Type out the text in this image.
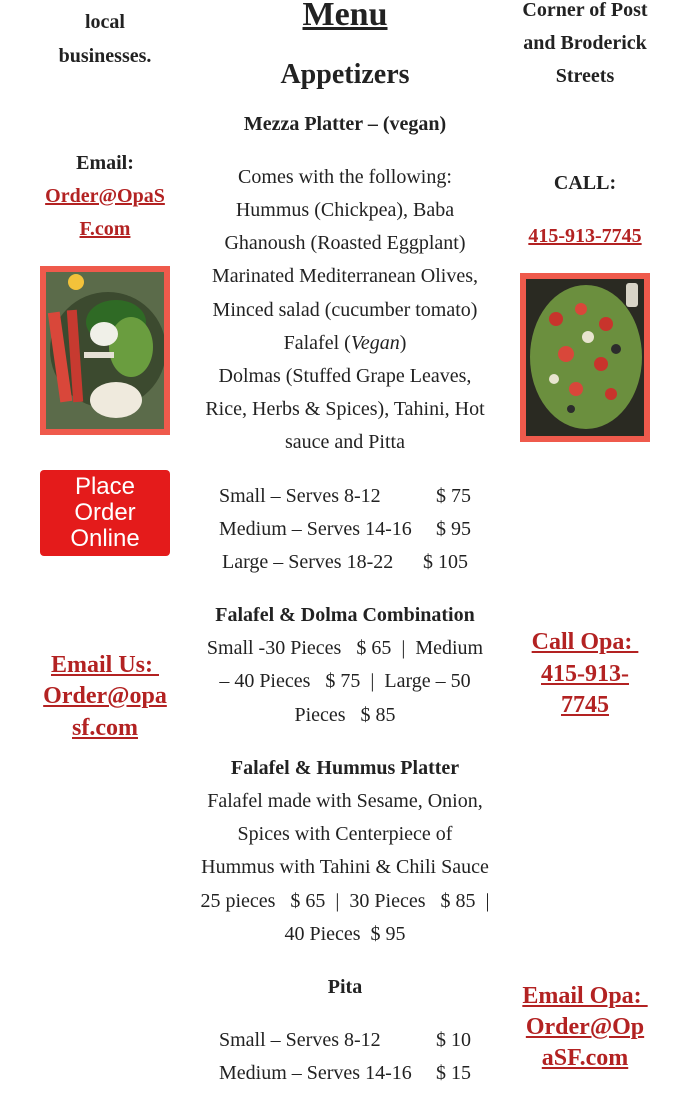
local
businesses.
Email:
Order@OpaS
F.com
Place
Order
Online
Email Us:
Order@opa
sf.com
Menu
Appetizers
Mezza Platter – (vegan)
Comes with the following:
Hummus (Chickpea), Baba
Ghanoush (Roasted Eggplant)
Marinated Mediterranean Olives,
Minced salad (cucumber tomato)
Falafel (Vegan)
Dolmas (Stuffed Grape Leaves,
Rice, Herbs & Spices), Tahini, Hot
sauce and Pitta
Small – Serves 8-12	$ 75
Medium – Serves 14-16 $ 95
Large – Serves 18-22 $ 105
Falafel & Dolma Combination
Small -30 Pieces   $ 65  |  Medium
– 40 Pieces   $ 75  |  Large – 50
Pieces   $ 85
Falafel & Hummus Platter
Falafel made with Sesame, Onion,
Spices with Centerpiece of
Hummus with Tahini & Chili Sauce
25 pieces   $ 65  |  30 Pieces   $ 85  |
40 Pieces  $ 95
Pita
Small – Serves 8-12	$ 10
Medium – Serves 14-16 $ 15
Corner of Post
and Broderick
Streets
CALL:
415-913-7745
Call Opa:
415-913-
7745
Email Opa:
Order@Op
aSF.com
